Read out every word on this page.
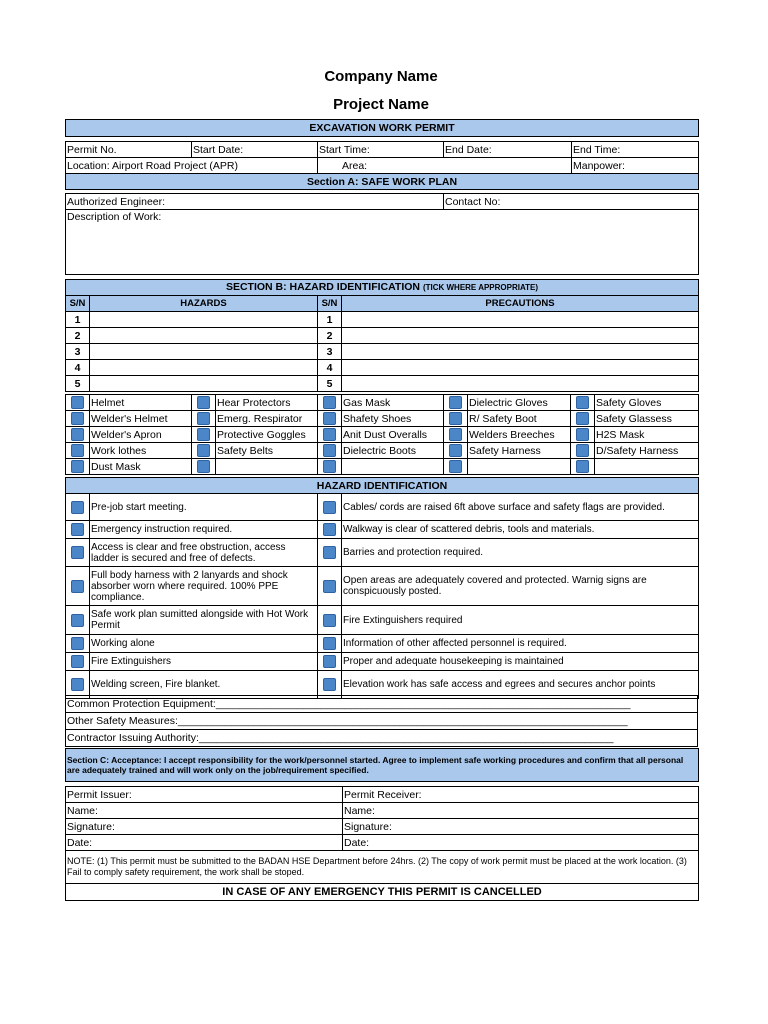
Company Name
Project Name
EXCAVATION WORK PERMIT				

Permit No.	Start Date:	Start Time:	End Date:	End Time:
Location: Airport Road Project (APR)		Area:		Manpower:
Section A: SAFE WORK PLAN				

Authorized Engineer:			Contact No:	
Description of Work:				
SECTION B: HAZARD IDENTIFICATION (TICK WHERE APPROPRIATE)			
S/N	HAZARDS	S/N	PRECAUTIONS
1		1	
2		2	
3		3	
4		4	
5		5	
	Helmet		Hear Protectors		Gas Mask		Dielectric Gloves		Safety Gloves
	Welder's Helmet		Emerg. Respirator		Shafety Shoes		R/ Safety Boot		Safety Glassess
	Welder's Apron		Protective Goggles		Anit Dust Overalls		Welders Breeches		H2S Mask
	Work lothes		Safety Belts		Dielectric Boots		Safety Harness		D/Safety Harness
	Dust Mask								
HAZARD IDENTIFICATION			
	Pre-job start meeting.		Cables/ cords are raised 6ft above surface and safety flags are provided.
	Emergency instruction required.		Walkway is clear of scattered debris, tools and materials.
	Access is clear and free obstruction, access ladder is secured and free of defects.		Barries and protection required.
	Full body harness with 2 lanyards and shock absorber worn where required. 100% PPE compliance.		Open areas are adequately covered and protected. Warnig signs are conspicuously posted.
	Safe work plan sumitted alongside with Hot Work Permit		Fire Extinguishers required
	Working alone		Information of other affected personnel is required.
	Fire Extinguishers		Proper and adequate housekeeping is maintained
	Welding screen, Fire blanket.		Elevation work has safe access and egrees and secures anchor points
Common Protection Equipment:_______________________________________________________________________
Other Safety Measures:_____________________________________________________________________________
Contractor Issuing Authority:_______________________________________________________________________
Section C: Acceptance: I accept responsibility for the work/personnel started. Agree to implement safe working procedures and confirm that all personal are adequately trained and will work only on the job/requirement specified.	

Permit Issuer:	Permit Receiver:
Name:	Name:
Signature:	Signature:
Date:	Date:
NOTE: (1) This permit must be submitted to the BADAN HSE Department before 24hrs. (2) The copy of work permit must be placed at the work location. (3) Fail to comply safety requirement, the work shall be stoped.	
IN CASE OF ANY EMERGENCY THIS PERMIT IS CANCELLED	
